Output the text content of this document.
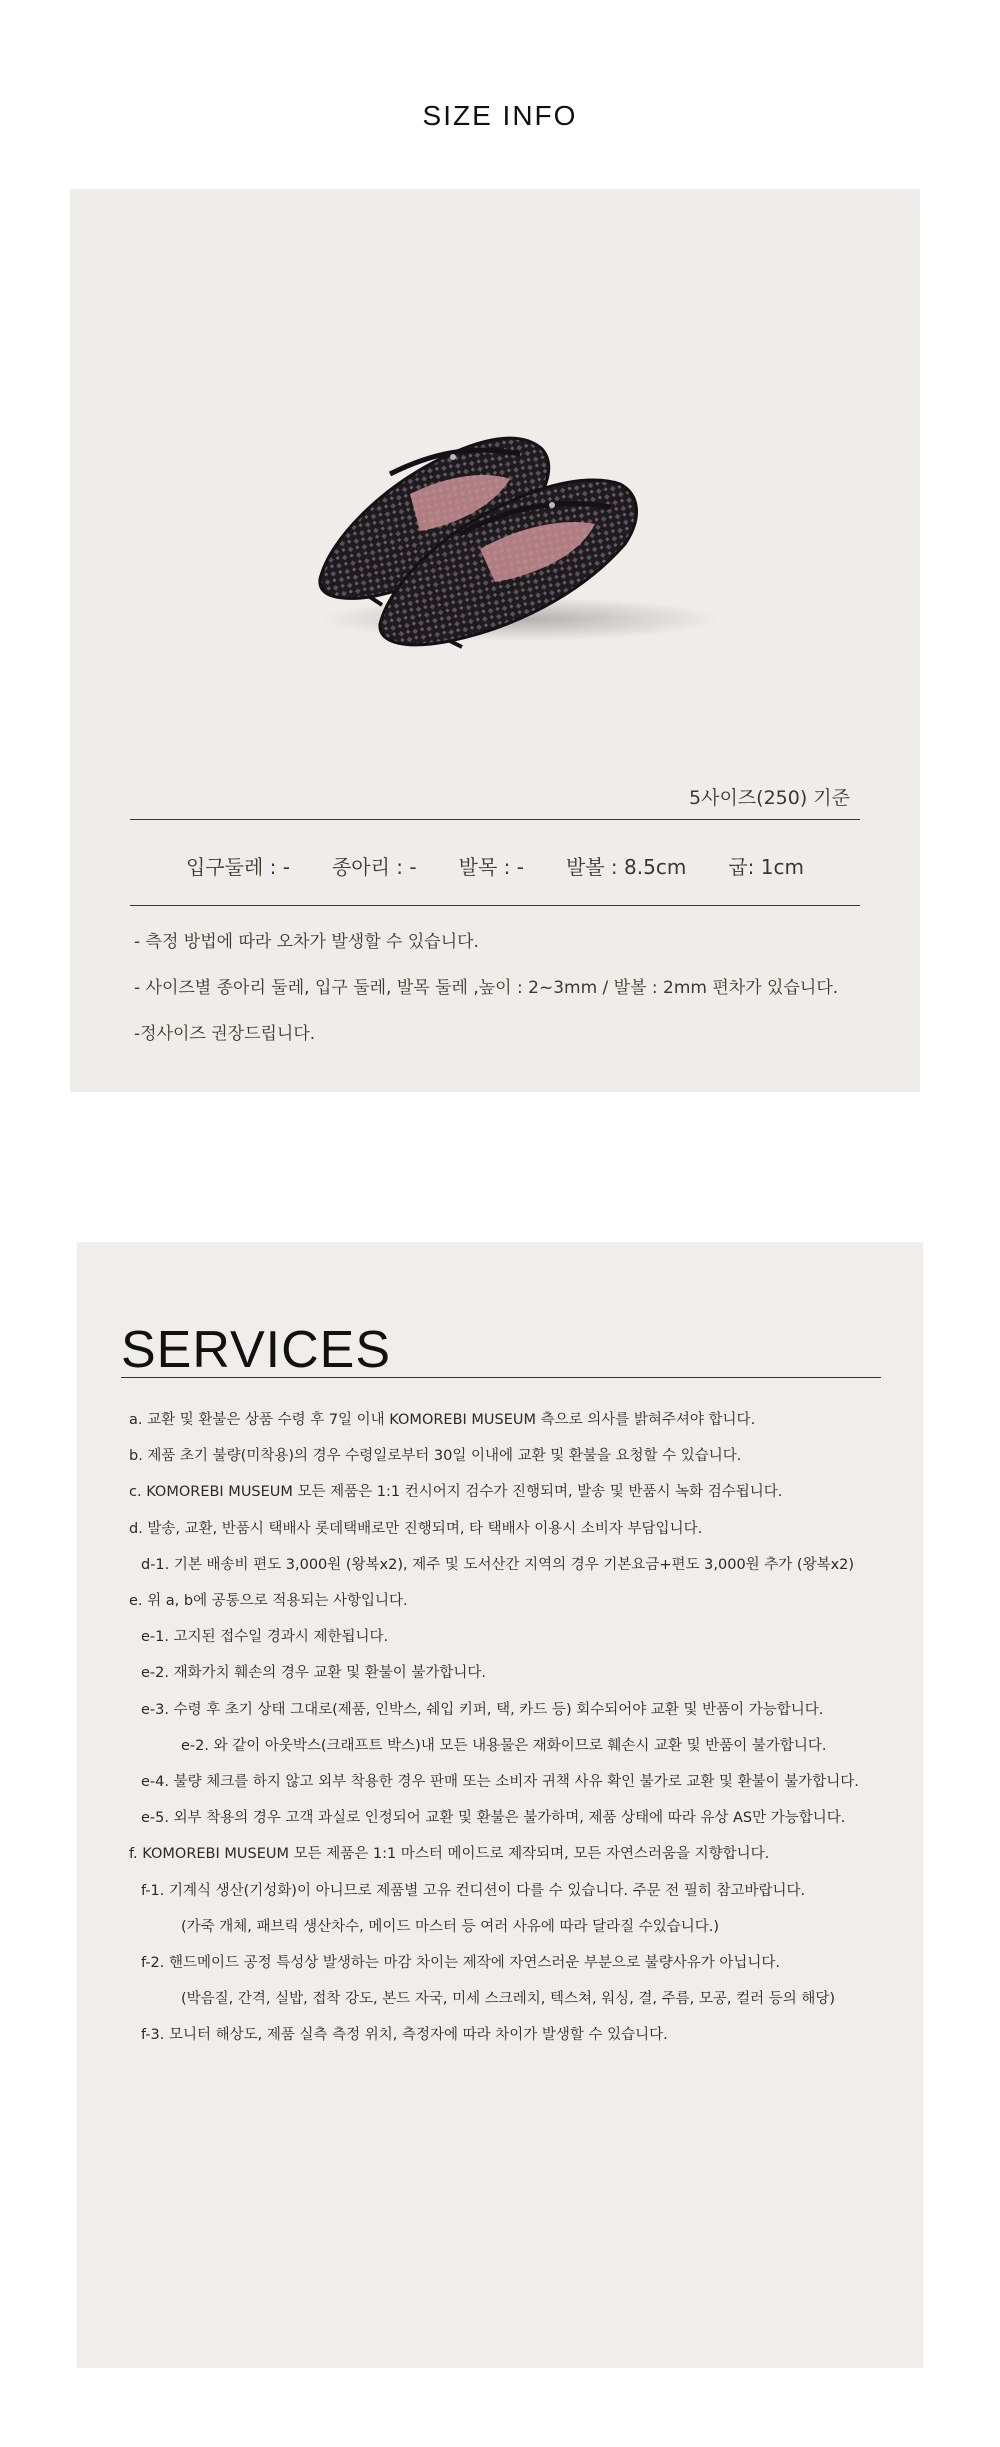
SIZE INFO
5사이즈(250) 기준
입구둘레 : - 종아리 : - 발목 : - 발볼 : 8.5cm 굽: 1cm
- 측정 방법에 따라 오차가 발생할 수 있습니다.
- 사이즈별 종아리 둘레, 입구 둘레, 발목 둘레 ,높이 : 2~3mm / 발볼 : 2mm 편차가 있습니다.
-정사이즈 권장드립니다.
SERVICES
a. 교환 및 환불은 상품 수령 후 7일 이내 KOMOREBI MUSEUM 측으로 의사를 밝혀주셔야 합니다.
b. 제품 초기 불량(미착용)의 경우 수령일로부터 30일 이내에 교환 및 환불을 요청할 수 있습니다.
c. KOMOREBI MUSEUM 모든 제품은 1:1 컨시어지 검수가 진행되며, 발송 및 반품시 녹화 검수됩니다.
d. 발송, 교환, 반품시 택배사 롯데택배로만 진행되며, 타 택배사 이용시 소비자 부담입니다.
d-1. 기본 배송비 편도 3,000원 (왕복x2), 제주 및 도서산간 지역의 경우 기본요금+편도 3,000원 추가 (왕복x2)
e. 위 a, b에 공통으로 적용되는 사항입니다.
e-1. 고지된 접수일 경과시 제한됩니다.
e-2. 재화가치 훼손의 경우 교환 및 환불이 불가합니다.
e-3. 수령 후 초기 상태 그대로(제품, 인박스, 쉐입 키퍼, 택, 카드 등) 회수되어야 교환 및 반품이 가능합니다.
e-2. 와 같이 아웃박스(크래프트 박스)내 모든 내용물은 재화이므로 훼손시 교환 및 반품이 불가합니다.
e-4. 불량 체크를 하지 않고 외부 착용한 경우 판매 또는 소비자 귀책 사유 확인 불가로 교환 및 환불이 불가합니다.
e-5. 외부 착용의 경우 고객 과실로 인정되어 교환 및 환불은 불가하며, 제품 상태에 따라 유상 AS만 가능합니다.
f. KOMOREBI MUSEUM 모든 제품은 1:1 마스터 메이드로 제작되며, 모든 자연스러움을 지향합니다.
f-1. 기계식 생산(기성화)이 아니므로 제품별 고유 컨디션이 다를 수 있습니다. 주문 전 필히 참고바랍니다.
(가죽 개체, 패브릭 생산차수, 메이드 마스터 등 여러 사유에 따라 달라질 수있습니다.)
f-2. 핸드메이드 공정 특성상 발생하는 마감 차이는 제작에 자연스러운 부분으로 불량사유가 아닙니다.
(박음질, 간격, 실밥, 접착 강도, 본드 자국, 미세 스크레치, 텍스쳐, 워싱, 결, 주름, 모공, 컬러 등의 해당)
f-3. 모니터 해상도, 제품 실측 측정 위치, 측정자에 따라 차이가 발생할 수 있습니다.
